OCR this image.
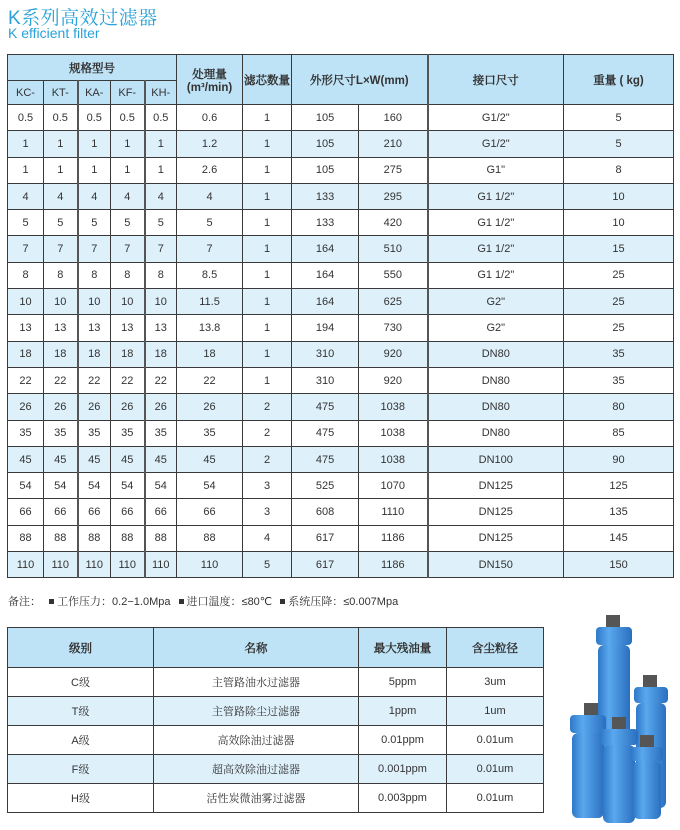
K系列高效过滤器
K efficient filter
规格型号					处理量
(m³/min)	滤芯数量	外形尺寸L×W(mm)		接口尺寸	重量 ( kg)
KC-	KT-	KA-	KF-	KH-						
0.5	0.5	0.5	0.5	0.5	0.6	1	105	160	G1/2"	5
1	1	1	1	1	1.2	1	105	210	G1/2"	5
1	1	1	1	1	2.6	1	105	275	G1"	8
4	4	4	4	4	4	1	133	295	G1 1/2"	10
5	5	5	5	5	5	1	133	420	G1 1/2"	10
7	7	7	7	7	7	1	164	510	G1 1/2"	15
8	8	8	8	8	8.5	1	164	550	G1 1/2"	25
10	10	10	10	10	11.5	1	164	625	G2"	25
13	13	13	13	13	13.8	1	194	730	G2"	25
18	18	18	18	18	18	1	310	920	DN80	35
22	22	22	22	22	22	1	310	920	DN80	35
26	26	26	26	26	26	2	475	1038	DN80	80
35	35	35	35	35	35	2	475	1038	DN80	85
45	45	45	45	45	45	2	475	1038	DN100	90
54	54	54	54	54	54	3	525	1070	DN125	125
66	66	66	66	66	66	3	608	1110	DN125	135
88	88	88	88	88	88	4	617	1186	DN125	145
110	110	110	110	110	110	5	617	1186	DN150	150
备注： 工作压力：0.2−1.0Mpa 进口温度：≤80℃ 系统压降：≤0.007Mpa
级别	名称	最大残油量	含尘粒径
C级	主管路油水过滤器	5ppm	3um
T级	主管路除尘过滤器	1ppm	1um
A级	高效除油过滤器	0.01ppm	0.01um
F级	超高效除油过滤器	0.001ppm	0.01um
H级	活性炭微油雾过滤器	0.003ppm	0.01um
